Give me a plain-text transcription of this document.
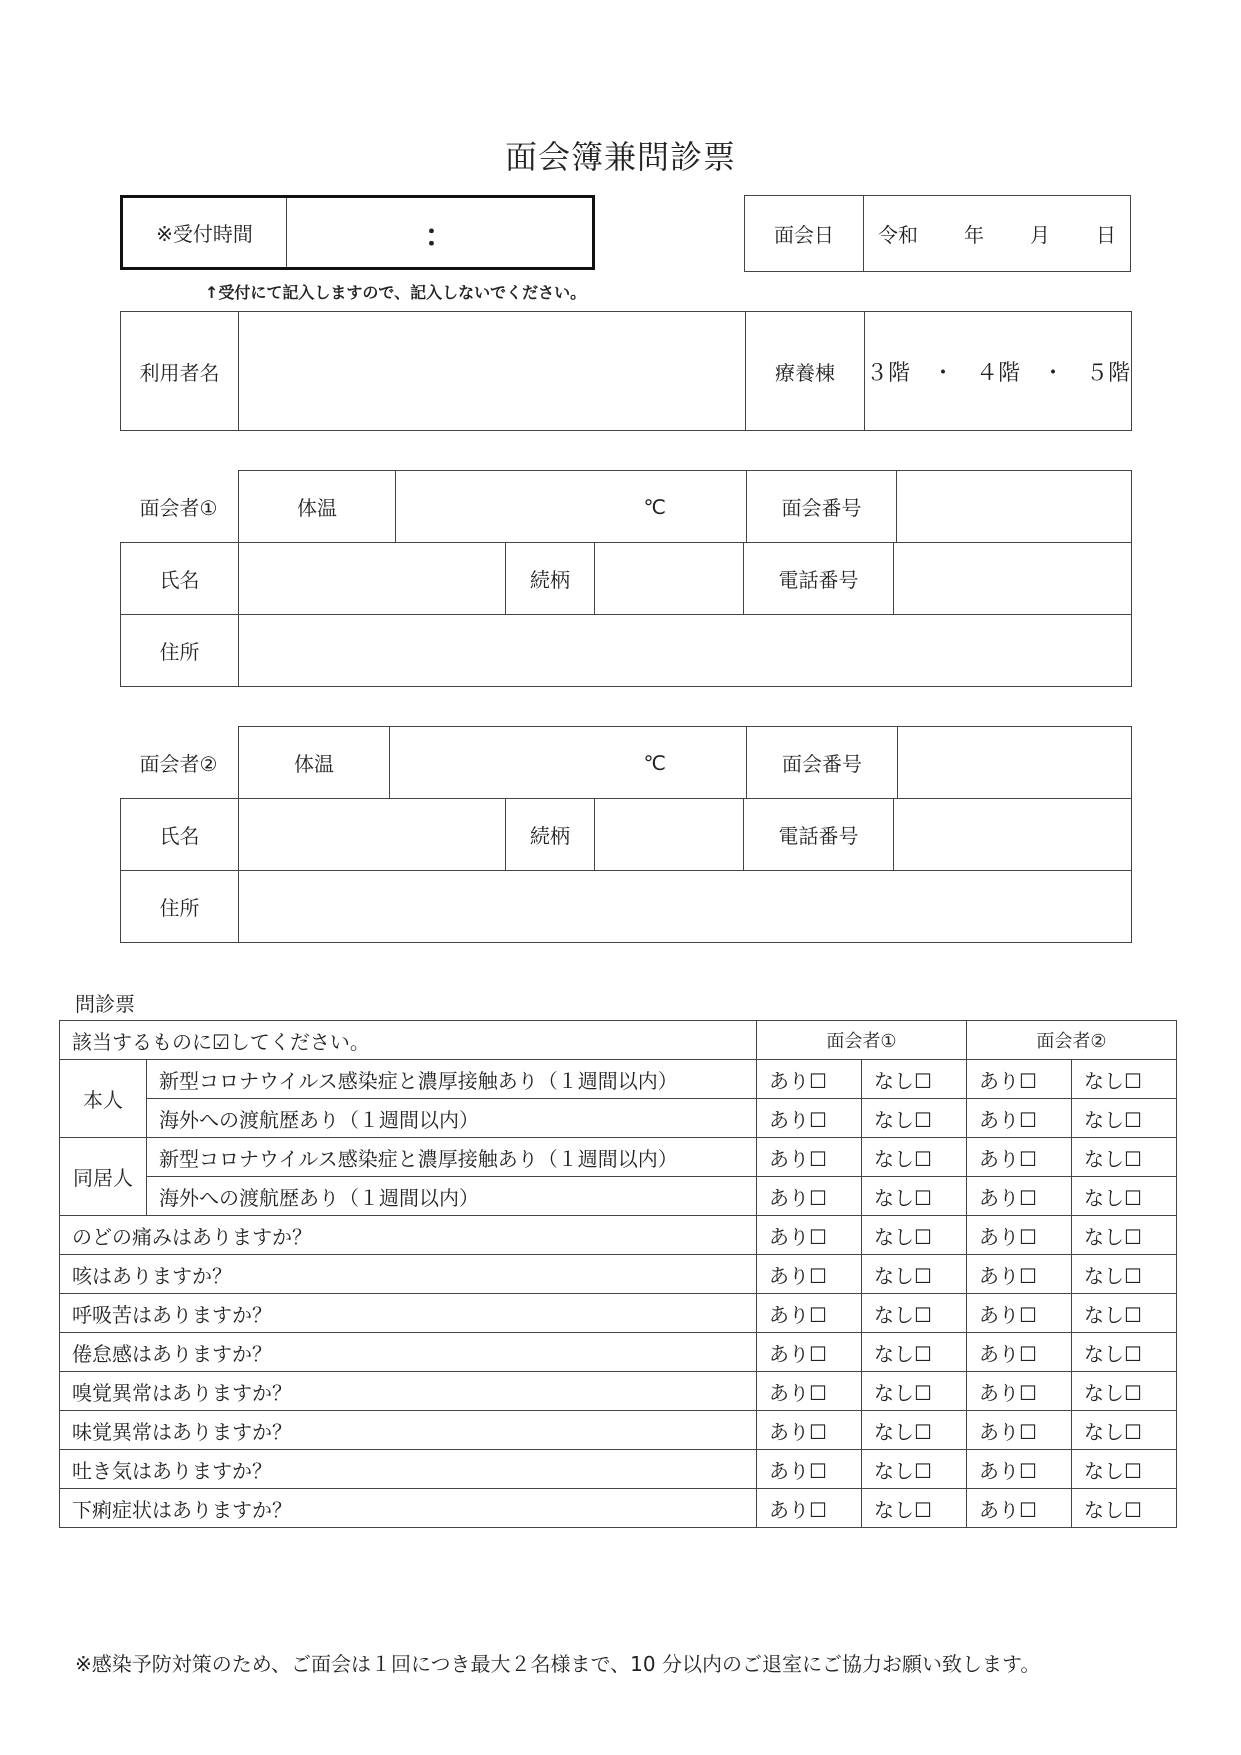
面会簿兼問診票
※受付時間	：
↑受付にて記入しますので、記入しないでください。
面会日	令和 年 月 日
利用者名		療養棟	３階　・　４階　・　５階
面会者①	体温	℃	面会番号	
氏名		続柄		電話番号	
住所					
面会者②	体温	℃	面会番号	
氏名		続柄		電話番号	
住所					
問診票
該当するものに☑してください。		面会者①		面会者②	
本人	新型コロナウイルス感染症と濃厚接触あり（１週間以内）	あり☐	なし☐	あり☐	なし☐
	海外への渡航歴あり（１週間以内）	あり☐	なし☐	あり☐	なし☐
同居人	新型コロナウイルス感染症と濃厚接触あり（１週間以内）	あり☐	なし☐	あり☐	なし☐
	海外への渡航歴あり（１週間以内）	あり☐	なし☐	あり☐	なし☐
のどの痛みはありますか？		あり☐	なし☐	あり☐	なし☐
咳はありますか？		あり☐	なし☐	あり☐	なし☐
呼吸苦はありますか？		あり☐	なし☐	あり☐	なし☐
倦怠感はありますか？		あり☐	なし☐	あり☐	なし☐
嗅覚異常はありますか？		あり☐	なし☐	あり☐	なし☐
味覚異常はありますか？		あり☐	なし☐	あり☐	なし☐
吐き気はありますか？		あり☐	なし☐	あり☐	なし☐
下痢症状はありますか？		あり☐	なし☐	あり☐	なし☐
※感染予防対策のため、ご面会は１回につき最大２名様まで、10 分以内のご退室にご協力お願い致します。
